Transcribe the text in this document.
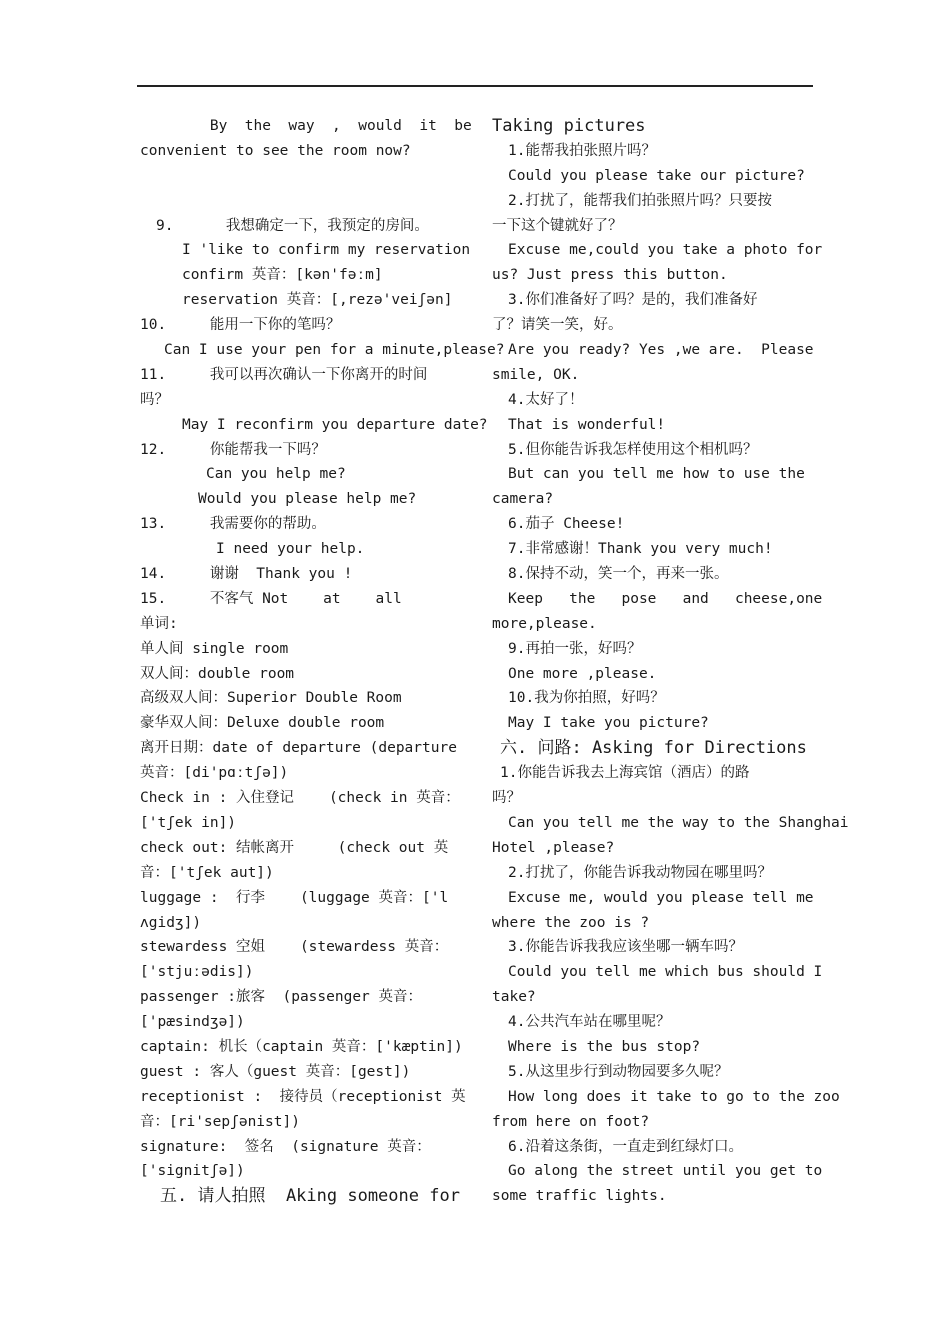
By  the  way  ,  would  it  be
convenient to see the room now?
9.      我想确定一下，我预定的房间。
I 'like to confirm my reservation
confirm 英音：[kən'fəːm]
reservation 英音：[,rezə'veiʃən]
10.     能用一下你的笔吗？
Can I use your pen for a minute,please?
11.     我可以再次确认一下你离开的时间
吗？
May I reconfirm you departure date?
12.     你能帮我一下吗？
Can you help me?
Would you please help me?
13.     我需要你的帮助。
I need your help.
14.     谢谢  Thank you !
15.     不客气 Not    at    all
单词:
单人间 single room
双人间：double room
高级双人间：Superior Double Room
豪华双人间：Deluxe double room
离开日期：date of departure (departure
英音：[di'pɑːtʃə])
Check in : 入住登记    (check in 英音：
['tʃek in])
check out: 结帐离开     (check out 英
音：['tʃek aut])
luggage :  行李    (luggage 英音：['l
ʌgidʒ])
stewardess 空姐    (stewardess 英音：
['stjuːədis])
passenger :旅客  (passenger 英音：
['pæsindʒə])
captain: 机长（captain 英音：['kæptin])
guest : 客人（guest 英音：[gest])
receptionist :  接待员（receptionist 英
音：[ri'sepʃənist])
signature:  签名  (signature 英音：
['signitʃə])
五. 请人拍照  Aking someone for
Taking pictures
1.能帮我拍张照片吗？
Could you please take our picture?
2.打扰了，能帮我们拍张照片吗？只要按
一下这个键就好了？
Excuse me,could you take a photo for
us? Just press this button.
3.你们准备好了吗？是的，我们准备好
了？请笑一笑，好。
Are you ready? Yes ,we are.  Please
smile, OK.
4.太好了！
That is wonderful!
5.但你能告诉我怎样使用这个相机吗？
But can you tell me how to use the
camera?
6.茄子 Cheese!
7.非常感谢！Thank you very much!
8.保持不动，笑一个，再来一张。
Keep   the   pose   and   cheese,one
more,please.
9.再拍一张，好吗？
One more ,please.
10.我为你拍照，好吗？
May I take you picture?
六. 问路: Asking for Directions
1.你能告诉我去上海宾馆（酒店）的路
吗？
Can you tell me the way to the Shanghai
Hotel ,please?
2.打扰了，你能告诉我动物园在哪里吗？
Excuse me, would you please tell me
where the zoo is ?
3.你能告诉我我应该坐哪一辆车吗？
Could you tell me which bus should I
take?
4.公共汽车站在哪里呢？
Where is the bus stop?
5.从这里步行到动物园要多久呢？
How long does it take to go to the zoo
from here on foot?
6.沿着这条街，一直走到红绿灯口。
Go along the street until you get to
some traffic lights.
